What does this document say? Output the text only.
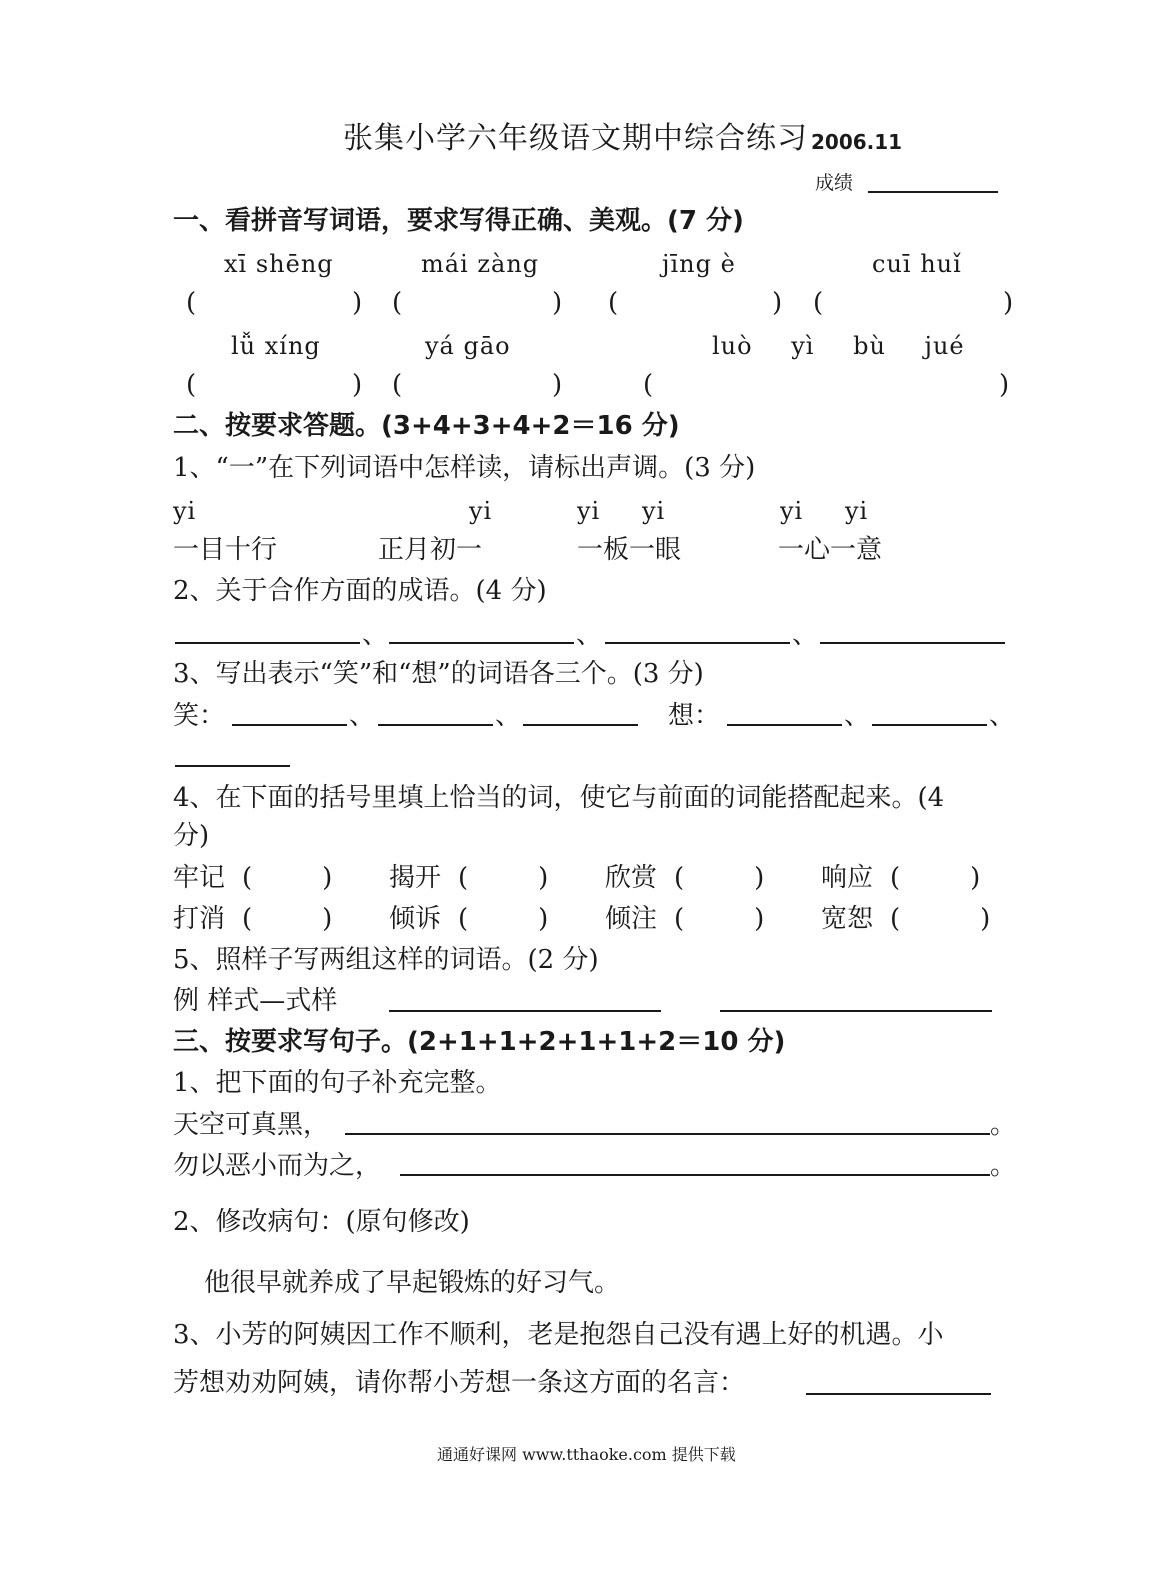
张集小学六年级语文期中综合练习 2006.11
成绩
一、看拼音写词语，要求写得正确、美观。(7 分)
xī shēng	mái zàng	jīng è	cuī huǐ
(	) (	) (	) (	)
lǚ xíng	yá gāo	luò yì bù jué
(	) (	)	(	)
二、按要求答题。(3+4+3+4+2＝16 分)
1、“一”在下列词语中怎样读，请标出声调。(3 分)
yi	yi	yi yi	yi yi
一目十行	正月初一	一板一眼	一心一意
2、关于合作方面的成语。(4 分)
、	、	、
3、写出表示“笑”和“想”的词语各三个。(3 分)
笑：	、	、	想：	、	、
4、在下面的括号里填上恰当的词，使它与前面的词能搭配起来。(4
分)
牢记 (	) 揭开 (	) 欣赏 (	) 响应 (	)
打消 (	) 倾诉 (	) 倾注 (	) 宽恕 (	)
5、照样子写两组这样的词语。(2 分)
例 样式—式样
三、按要求写句子。(2+1+1+2+1+1+2＝10 分)
1、把下面的句子补充完整。
天空可真黑，	。
勿以恶小而为之，	。
2、修改病句：(原句修改)
他很早就养成了早起锻炼的好习气。
3、小芳的阿姨因工作不顺利，老是抱怨自己没有遇上好的机遇。小
芳想劝劝阿姨，请你帮小芳想一条这方面的名言：
通通好课网 www.tthaoke.com 提供下载
